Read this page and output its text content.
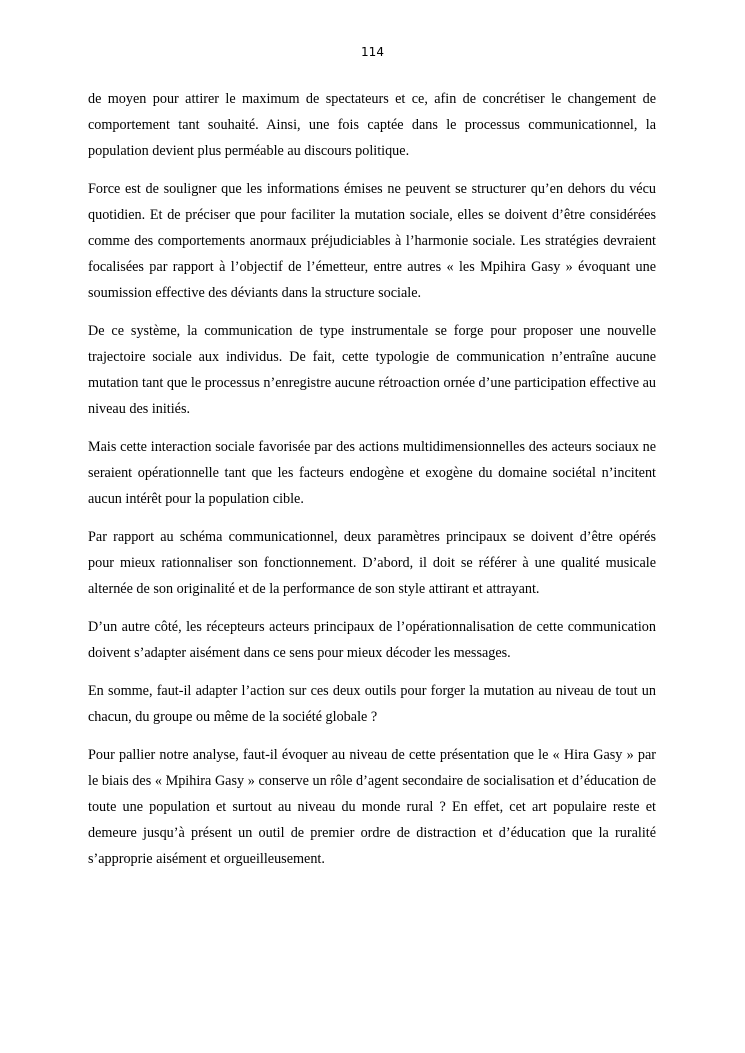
114

de moyen pour attirer le maximum de spectateurs et ce, afin de concrétiser le changement de comportement tant souhaité. Ainsi, une fois captée dans le processus communicationnel, la population devient plus perméable au discours politique.

Force est de souligner que les informations émises ne peuvent se structurer qu’en dehors du vécu quotidien. Et de préciser que pour faciliter la mutation sociale, elles se doivent d’être considérées comme des comportements anormaux préjudiciables à l’harmonie sociale. Les stratégies devraient focalisées par rapport à l’objectif de l’émetteur, entre autres « les Mpihira Gasy » évoquant une soumission effective des déviants dans la structure sociale.

De ce système, la communication de type instrumentale se forge pour proposer une nouvelle trajectoire sociale aux individus. De fait, cette typologie de communication n’entraîne aucune mutation tant que le processus n’enregistre aucune rétroaction ornée d’une participation effective au niveau des initiés.

Mais cette interaction sociale favorisée par des actions multidimensionnelles des acteurs sociaux ne seraient opérationnelle tant que les facteurs endogène et exogène du domaine sociétal n’incitent aucun intérêt pour la population cible.

Par rapport au schéma communicationnel, deux paramètres principaux se doivent d’être opérés pour mieux rationnaliser son fonctionnement. D’abord, il doit se référer à une qualité musicale alternée de son originalité et de la performance de son style attirant et attrayant.

D’un autre côté, les récepteurs acteurs principaux de l’opérationnalisation de cette communication doivent s’adapter aisément dans ce sens pour mieux décoder les messages.

En somme, faut-il adapter l’action sur ces deux outils pour forger la mutation au niveau de tout un chacun, du groupe ou même de la société globale ?

Pour pallier notre analyse, faut-il évoquer au niveau de cette présentation que le « Hira Gasy » par le biais des « Mpihira Gasy » conserve un rôle d’agent secondaire de socialisation et d’éducation de toute une population et surtout au niveau du monde rural ? En effet, cet art populaire reste et demeure jusqu’à présent un outil de premier ordre de distraction et d’éducation que la ruralité s’approprie aisément et orgueilleusement.
